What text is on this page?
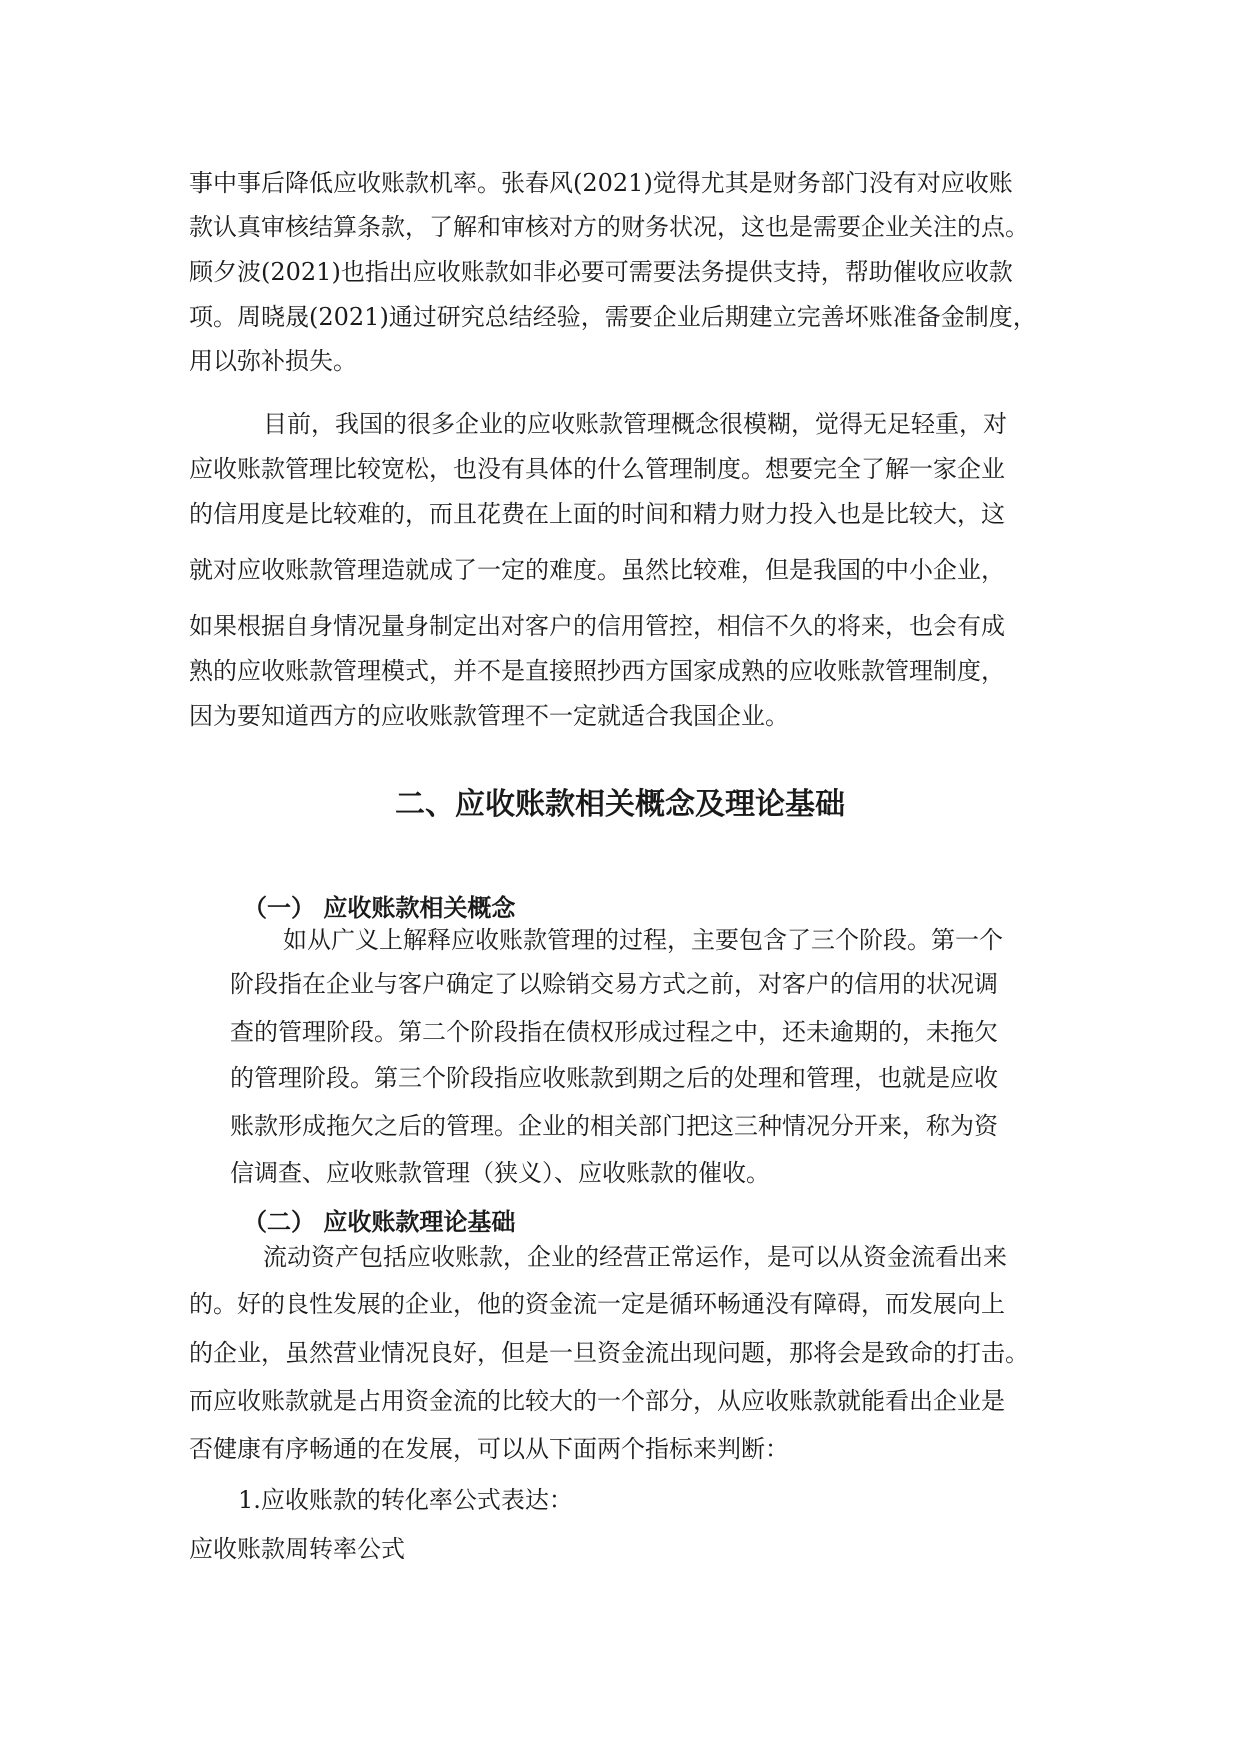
事中事后降低应收账款机率。张春风(2021)觉得尤其是财务部门没有对应收账
款认真审核结算条款，了解和审核对方的财务状况，这也是需要企业关注的点。
顾夕波(2021)也指出应收账款如非必要可需要法务提供支持，帮助催收应收款
项。周晓晟(2021)通过研究总结经验，需要企业后期建立完善坏账准备金制度，
用以弥补损失。
目前，我国的很多企业的应收账款管理概念很模糊，觉得无足轻重，对
应收账款管理比较宽松，也没有具体的什么管理制度。想要完全了解一家企业
的信用度是比较难的，而且花费在上面的时间和精力财力投入也是比较大，这
就对应收账款管理造就成了一定的难度。虽然比较难，但是我国的中小企业，
如果根据自身情况量身制定出对客户的信用管控，相信不久的将来，也会有成
熟的应收账款管理模式，并不是直接照抄西方国家成熟的应收账款管理制度，
因为要知道西方的应收账款管理不一定就适合我国企业。
二、应收账款相关概念及理论基础
（一） 应收账款相关概念
如从广义上解释应收账款管理的过程，主要包含了三个阶段。第一个
阶段指在企业与客户确定了以赊销交易方式之前，对客户的信用的状况调
查的管理阶段。第二个阶段指在债权形成过程之中，还未逾期的，未拖欠
的管理阶段。第三个阶段指应收账款到期之后的处理和管理，也就是应收
账款形成拖欠之后的管理。企业的相关部门把这三种情况分开来，称为资
信调查、应收账款管理（狭义）、应收账款的催收。
（二） 应收账款理论基础
流动资产包括应收账款，企业的经营正常运作，是可以从资金流看出来
的。好的良性发展的企业，他的资金流一定是循环畅通没有障碍，而发展向上
的企业，虽然营业情况良好，但是一旦资金流出现问题，那将会是致命的打击。
而应收账款就是占用资金流的比较大的一个部分，从应收账款就能看出企业是
否健康有序畅通的在发展，可以从下面两个指标来判断：
1.应收账款的转化率公式表达：
应收账款周转率公式
